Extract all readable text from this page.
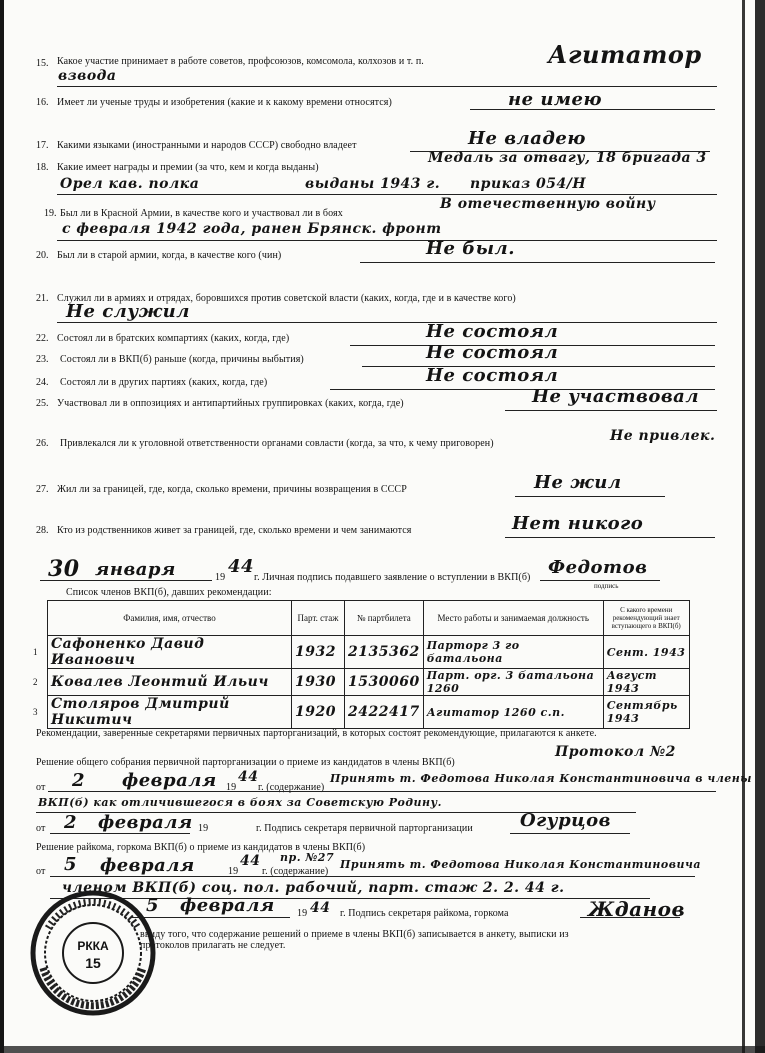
15. Какое участие принимает в работе советов, профсоюзов, комсомола, колхозов и т. п.	Агитатор
взвода
16. Имеет ли ученые труды и изобретения (какие и к какому времени относятся)	не имею
17. Какими языками (иностранными и народов СССР) свободно владеет	Не владею
18. Какие имеет награды и премии (за что, кем и когда выданы)
Медаль за отвагу, 18 бригада 3
Орел кав. полка	выданы 1943 г. приказ 054/Н
19. Был ли в Красной Армии, в качестве кого и участвовал ли в боях
В отечественную войну
с февраля 1942 года, ранен Брянск. фронт
20. Был ли в старой армии, когда, в качестве кого (чин)	Не был.
21. Служил ли в армиях и отрядах, боровшихся против советской власти (каких, когда, где и в качестве кого)
Не служил
22. Состоял ли в братских компартиях (каких, когда, где)	Не состоял
23. Состоял ли в ВКП(б) раньше (когда, причины выбытия)	Не состоял
24. Состоял ли в других партиях (каких, когда, где)	Не состоял
25. Участвовал ли в оппозициях и антипартийных группировках (каких, когда, где)	Не участвовал
26. Привлекался ли к уголовной ответственности органами совласти (когда, за что, к чему приговорен)	Не привлек.
27. Жил ли за границей, где, когда, сколько времени, причины возвращения в СССР	Не жил
28. Кто из родственников живет за границей, где, сколько времени и чем занимаются	Нет никого
30 января	19
44
г. Личная подпись подавшего заявление о вступлении в ВКП(б) Федотов
подпись
Список членов ВКП(б), давших рекомендации:
	Фамилия, имя, отчество	Парт. стаж	№ партбилета	Место работы и занимаемая должность	С какого времени рекомендующий знает вступающего в ВКП(б)
1	Сафоненко Давид Иванович	1932	2135362	Парторг 3 го батальона	Сент. 1943
2	Ковалев Леонтий Ильич	1930	1530060	Парт. орг. 3 батальона 1260	Август 1943
3	Столяров Дмитрий Никитич	1920	2422417	Агитатор 1260 с.п.	Сентябрь 1943
Рекомендации, заверенные секретарями первичных парторганизаций, в которых состоят рекомендующие, прилагаются к анкете.
Решение общего собрания первичной парторганизации о приеме из кандидатов в члены ВКП(б)
Протокол №2
от 2 февраля 19
44
г. (содержание)
Принять т. Федотова Николая Константиновича в члены
ВКП(б) как отличившегося в боях за Советскую Родину.
от 2 февраля 19	г. Подпись секретаря первичной парторганизации	Огурцов
Решение райкома, горкома ВКП(б) о приеме из кандидатов в члены ВКП(б)
от 5 февраля	19
44 пр. №27
г. (содержание)
Принять т. Федотова Николая Константиновича
членом ВКП(б) соц. пол. рабочий, парт. стаж 2. 2. 44 г.
5 февраля 19 44 г. Подпись секретаря райкома, горкома	Жданов
ввиду того, что содержание решений о приеме в члены ВКП(б) записывается в анкету, выписки из
протоколов прилагать не следует.
РККА
15
